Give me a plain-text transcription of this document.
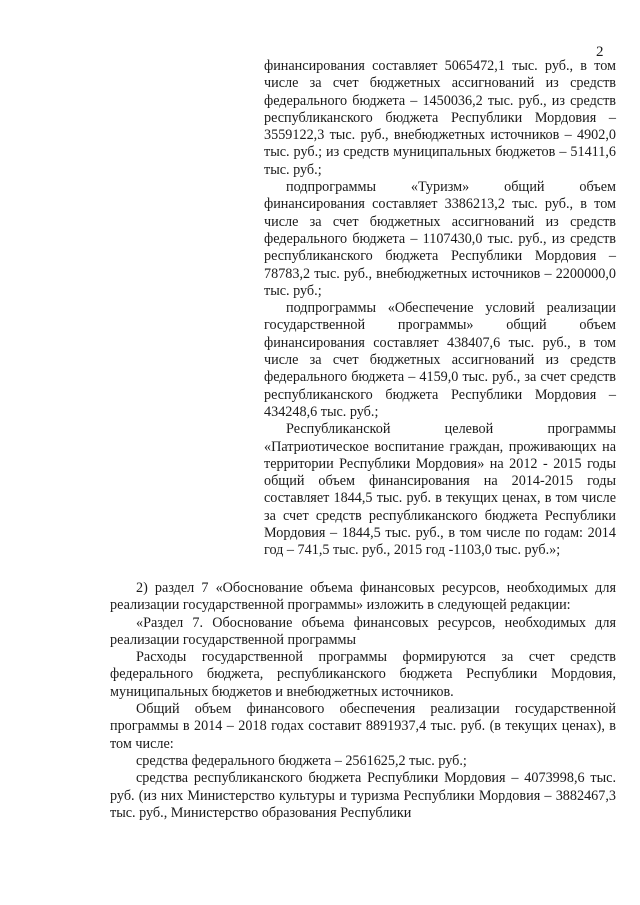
2

финансирования составляет 5065472,1 тыс. руб., в том числе за счет бюджетных ассигнований из средств федерального бюджета – 1450036,2 тыс. руб., из средств республиканского бюджета Республики Мордовия – 3559122,3 тыс. руб., внебюджетных источников – 4902,0 тыс. руб.; из средств муниципальных бюджетов – 51411,6 тыс. руб.;

подпрограммы «Туризм» общий объем финансирования составляет 3386213,2 тыс. руб., в том числе за счет бюджетных ассигнований из средств федерального бюджета – 1107430,0 тыс. руб., из средств республиканского бюджета Республики Мордовия – 78783,2 тыс. руб., внебюджетных источников – 2200000,0 тыс. руб.;

подпрограммы «Обеспечение условий реализации государственной программы» общий объем финансирования составляет 438407,6 тыс. руб., в том числе за счет бюджетных ассигнований из средств федерального бюджета – 4159,0 тыс. руб., за счет средств республиканского бюджета Республики Мордовия – 434248,6 тыс. руб.;

Республиканской целевой программы «Патриотическое воспитание граждан, проживающих на территории Республики Мордовия» на 2012 - 2015 годы общий объем финансирования на 2014-2015 годы составляет 1844,5 тыс. руб. в текущих ценах, в том числе за счет средств республиканского бюджета Республики Мордовия – 1844,5 тыс. руб., в том числе по годам: 2014 год – 741,5 тыс. руб., 2015 год -1103,0 тыс. руб.»;

2) раздел 7 «Обоснование объема финансовых ресурсов, необходимых для реализации государственной программы» изложить в следующей редакции:

«Раздел 7. Обоснование объема финансовых ресурсов, необходимых для реализации государственной программы

Расходы государственной программы формируются за счет средств федерального бюджета, республиканского бюджета Республики Мордовия, муниципальных бюджетов и внебюджетных источников.

Общий объем финансового обеспечения реализации государственной программы в 2014 – 2018 годах составит 8891937,4 тыс. руб. (в текущих ценах), в том числе:

средства федерального бюджета – 2561625,2 тыс. руб.;

средства республиканского бюджета Республики Мордовия – 4073998,6 тыс. руб. (из них Министерство культуры и туризма Республики Мордовия – 3882467,3 тыс. руб., Министерство образования Республики
